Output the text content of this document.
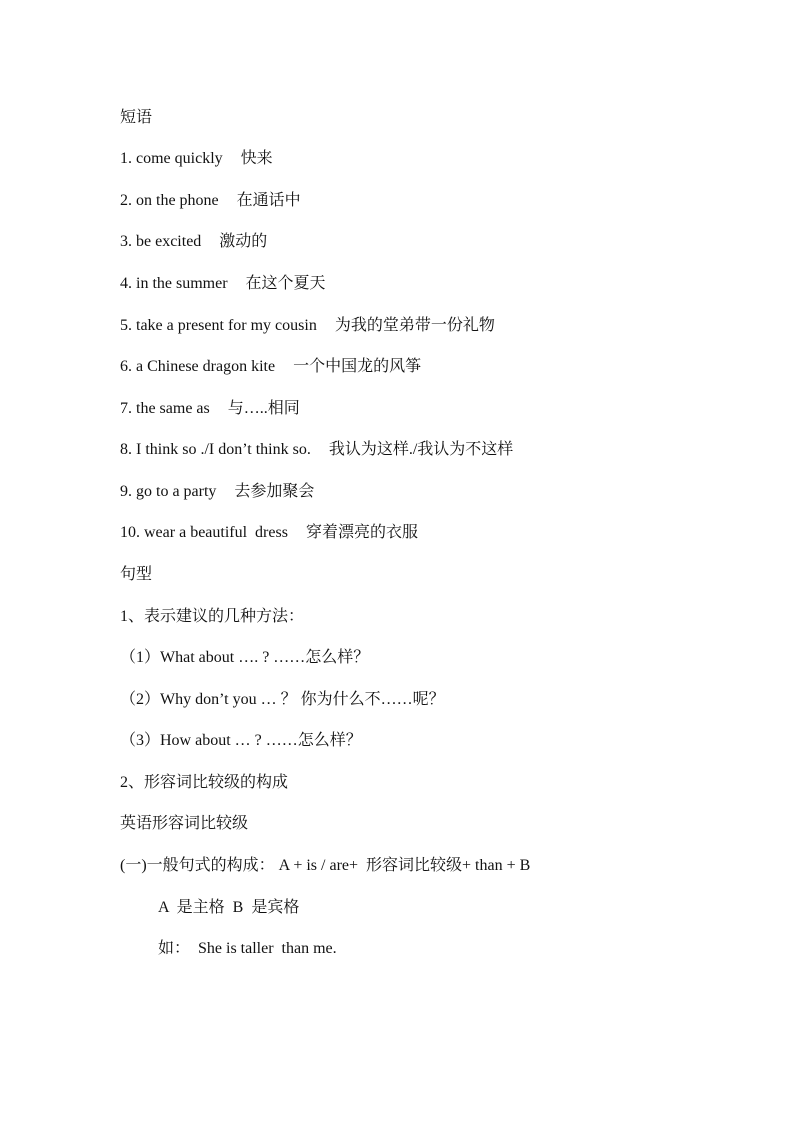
短语
1. come quickly 快来
2. on the phone 在通话中
3. be excited 激动的
4. in the summer 在这个夏天
5. take a present for my cousin 为我的堂弟带一份礼物
6. a Chinese dragon kite 一个中国龙的风筝
7. the same as 与…..相同
8. I think so ./I don’t think so. 我认为这样./我认为不这样
9. go to a party 去参加聚会
10. wear a beautiful  dress 穿着漂亮的衣服
句型
1、表示建议的几种方法：
（1）What about …. ? ……怎么样？
（2）Why don’t you … ？ 你为什么不……呢？
（3）How about … ? ……怎么样？
2、形容词比较级的构成
英语形容词比较级
(一)一般句式的构成： A + is / are+  形容词比较级+ than + B
A  是主格  B  是宾格
如：  She is taller  than me.
